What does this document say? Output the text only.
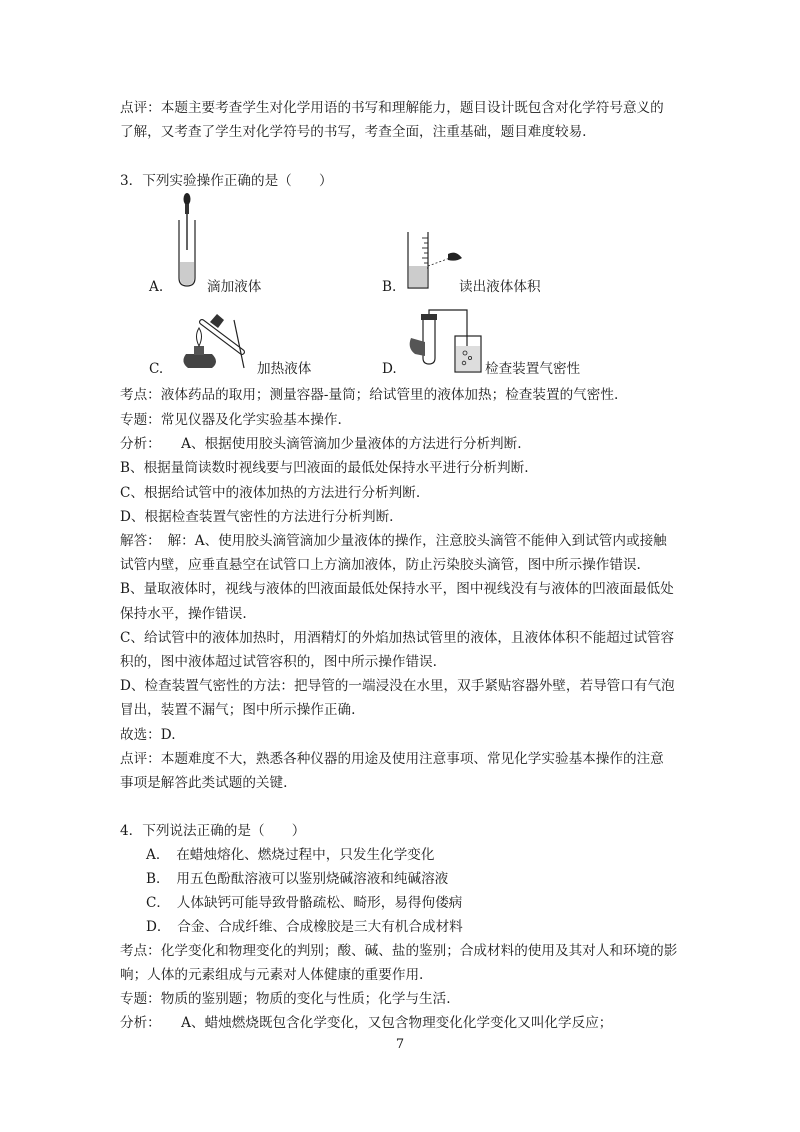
点评：本题主要考查学生对化学用语的书写和理解能力，题目设计既包含对化学符号意义的
了解，又考查了学生对化学符号的书写，考查全面，注重基础，题目难度较易.
3．下列实验操作正确的是（　　）
A.	滴加液体	B.	读出液体体积
C.	加热液体	D.	检查装置气密性
考点：液体药品的取用；测量容器-量筒；给试管里的液体加热；检查装置的气密性.
专题：常见仪器及化学实验基本操作.
分析：　　A、根据使用胶头滴管滴加少量液体的方法进行分析判断.
B、根据量筒读数时视线要与凹液面的最低处保持水平进行分析判断.
C、根据给试管中的液体加热的方法进行分析判断.
D、根据检查装置气密性的方法进行分析判断.
解答：　解：A、使用胶头滴管滴加少量液体的操作，注意胶头滴管不能伸入到试管内或接触
试管内壁，应垂直悬空在试管口上方滴加液体，防止污染胶头滴管，图中所示操作错误.
B、量取液体时，视线与液体的凹液面最低处保持水平，图中视线没有与液体的凹液面最低处
保持水平，操作错误.
C、给试管中的液体加热时，用酒精灯的外焰加热试管里的液体，且液体体积不能超过试管容
积的，图中液体超过试管容积的，图中所示操作错误.
D、检查装置气密性的方法：把导管的一端浸没在水里，双手紧贴容器外壁，若导管口有气泡
冒出，装置不漏气；图中所示操作正确.
故选：D.
点评：本题难度不大，熟悉各种仪器的用途及使用注意事项、常见化学实验基本操作的注意
事项是解答此类试题的关键.
4．下列说法正确的是（　　）
A．　在蜡烛熔化、燃烧过程中，只发生化学变化
B．　用五色酚酞溶液可以鉴别烧碱溶液和纯碱溶液
C．　人体缺钙可能导致骨骼疏松、畸形，易得佝偻病
D．　合金、合成纤维、合成橡胶是三大有机合成材料
考点：化学变化和物理变化的判别；酸、碱、盐的鉴别；合成材料的使用及其对人和环境的影
响；人体的元素组成与元素对人体健康的重要作用.
专题：物质的鉴别题；物质的变化与性质；化学与生活.
分析：　　A、蜡烛燃烧既包含化学变化，又包含物理变化化学变化又叫化学反应；
7
